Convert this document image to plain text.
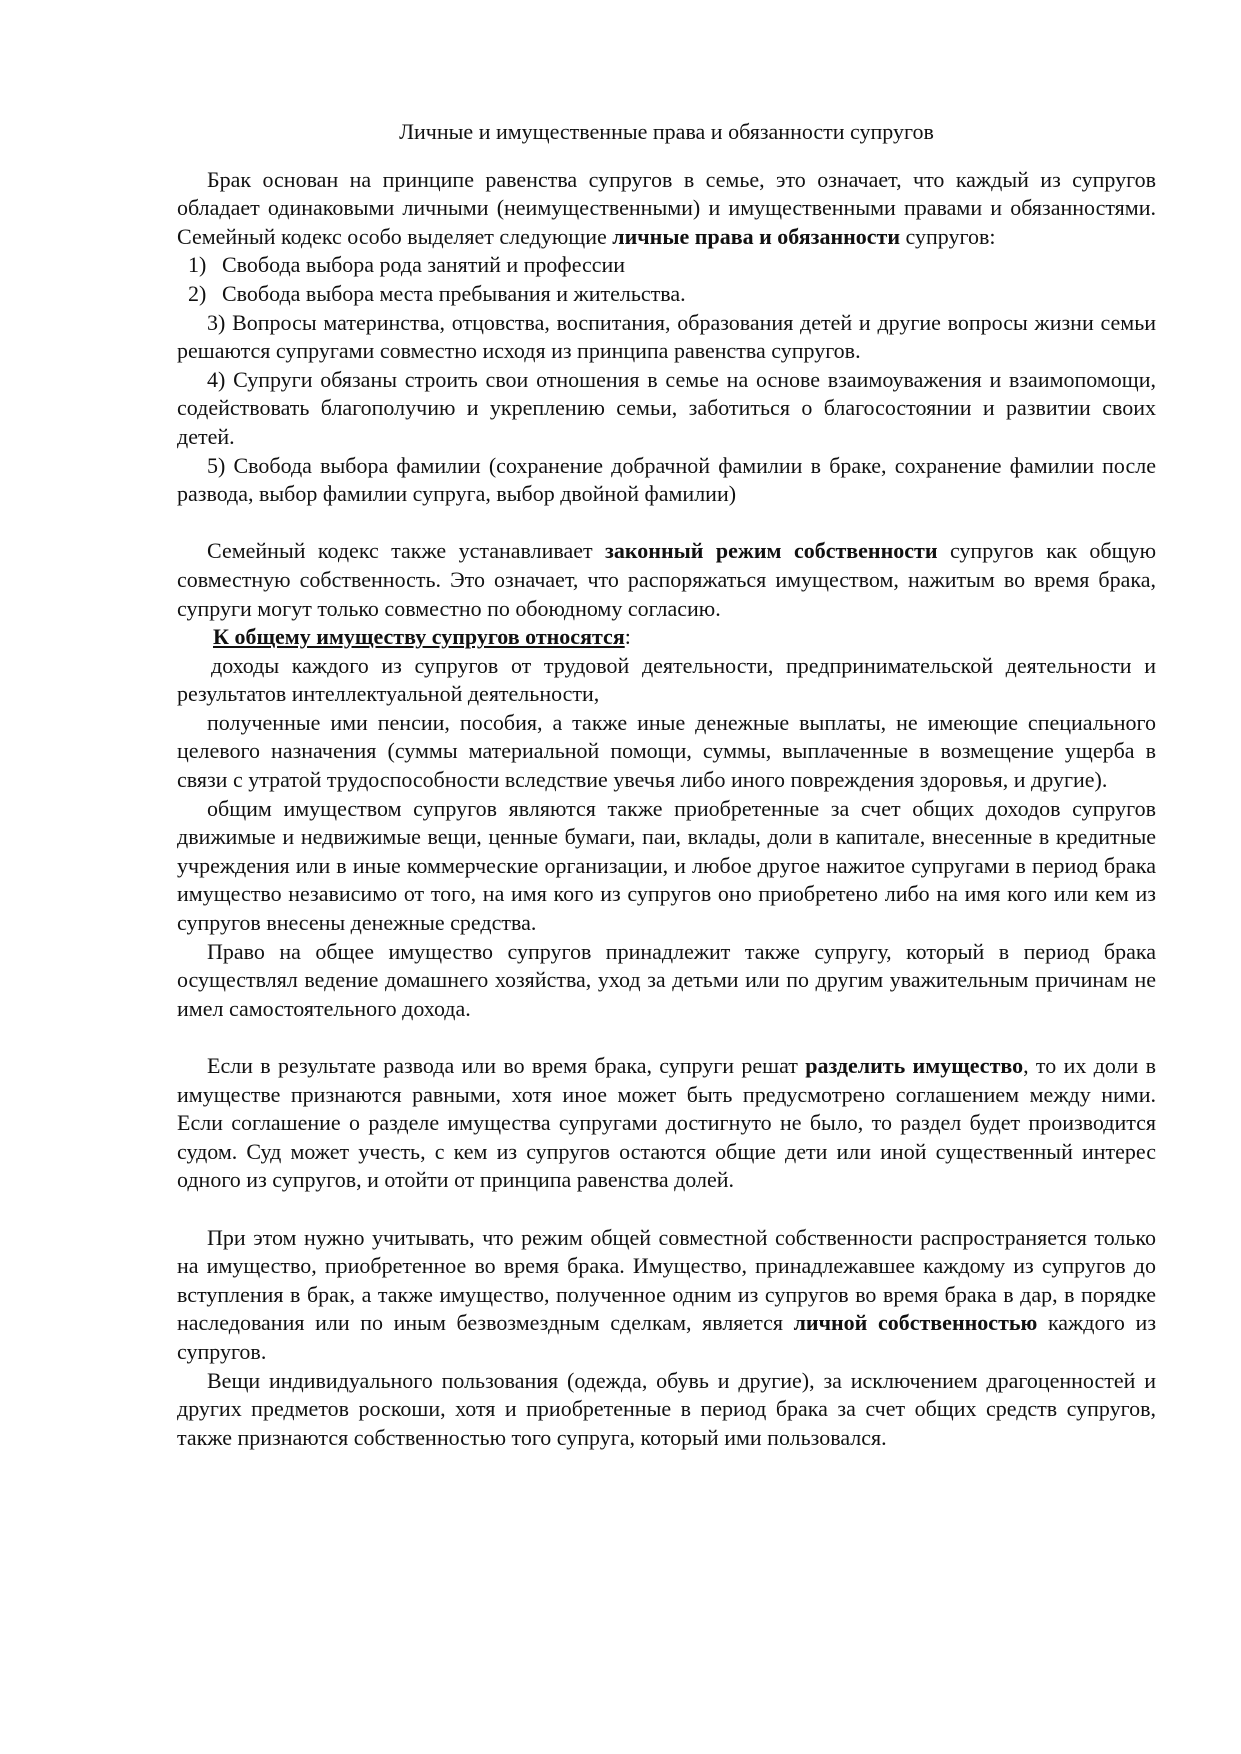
Личные и имущественные права и обязанности супругов

Брак основан на принципе равенства супругов в семье, это означает, что каждый из супругов обладает одинаковыми личными (неимущественными) и имущественными правами и обязанностями. Семейный кодекс особо выделяет следующие личные права и обязанности супругов:

1) Свобода выбора рода занятий и профессии

2) Свобода выбора места пребывания и жительства.

3) Вопросы материнства, отцовства, воспитания, образования детей и другие вопросы жизни семьи решаются супругами совместно исходя из принципа равенства супругов.

4) Супруги обязаны строить свои отношения в семье на основе взаимоуважения и взаимопомощи, содействовать благополучию и укреплению семьи, заботиться о благосостоянии и развитии своих детей.

5) Свобода выбора фамилии (сохранение добрачной фамилии в браке, сохранение фамилии после развода, выбор фамилии супруга, выбор двойной фамилии)

Семейный кодекс также устанавливает законный режим собственности супругов как общую совместную собственность. Это означает, что распоряжаться имуществом, нажитым во время брака, супруги могут только совместно по обоюдному согласию.

К общему имуществу супругов относятся:

доходы каждого из супругов от трудовой деятельности, предпринимательской деятельности и результатов интеллектуальной деятельности,

полученные ими пенсии, пособия, а также иные денежные выплаты, не имеющие специального целевого назначения (суммы материальной помощи, суммы, выплаченные в возмещение ущерба в связи с утратой трудоспособности вследствие увечья либо иного повреждения здоровья, и другие).

общим имуществом супругов являются также приобретенные за счет общих доходов супругов движимые и недвижимые вещи, ценные бумаги, паи, вклады, доли в капитале, внесенные в кредитные учреждения или в иные коммерческие организации, и любое другое нажитое супругами в период брака имущество независимо от того, на имя кого из супругов оно приобретено либо на имя кого или кем из супругов внесены денежные средства.

Право на общее имущество супругов принадлежит также супругу, который в период брака осуществлял ведение домашнего хозяйства, уход за детьми или по другим уважительным причинам не имел самостоятельного дохода.

Если в результате развода или во время брака, супруги решат разделить имущество, то их доли в имуществе признаются равными, хотя иное может быть предусмотрено соглашением между ними. Если соглашение о разделе имущества супругами достигнуто не было, то раздел будет производится судом. Суд может учесть, с кем из супругов остаются общие дети или иной существенный интерес одного из супругов, и отойти от принципа равенства долей.

При этом нужно учитывать, что режим общей совместной собственности распространяется только на имущество, приобретенное во время брака. Имущество, принадлежавшее каждому из супругов до вступления в брак, а также имущество, полученное одним из супругов во время брака в дар, в порядке наследования или по иным безвозмездным сделкам, является личной собственностью каждого из супругов.

Вещи индивидуального пользования (одежда, обувь и другие), за исключением драгоценностей и других предметов роскоши, хотя и приобретенные в период брака за счет общих средств супругов, также признаются собственностью того супруга, который ими пользовался.
